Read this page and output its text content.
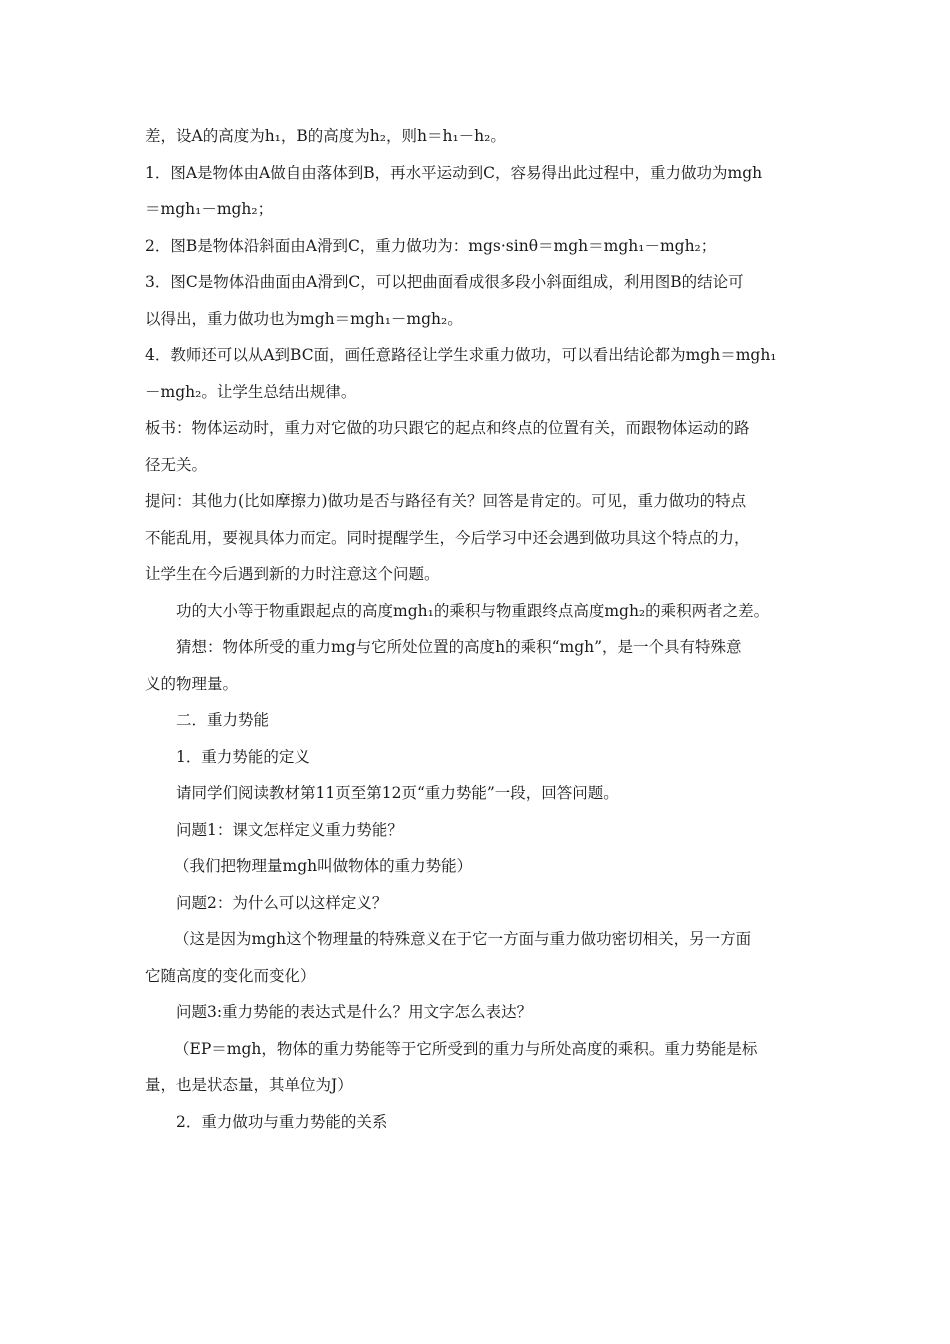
差，设A的高度为h₁，B的高度为h₂，则h＝h₁－h₂。

1．图A是物体由A做自由落体到B，再水平运动到C，容易得出此过程中，重力做功为mgh

＝mgh₁－mgh₂；

2．图B是物体沿斜面由A滑到C，重力做功为：mgs·sinθ＝mgh＝mgh₁－mgh₂；

3．图C是物体沿曲面由A滑到C，可以把曲面看成很多段小斜面组成，利用图B的结论可

以得出，重力做功也为mgh＝mgh₁－mgh₂。

4．教师还可以从A到BC面，画任意路径让学生求重力做功，可以看出结论都为mgh＝mgh₁

－mgh₂。让学生总结出规律。

板书：物体运动时，重力对它做的功只跟它的起点和终点的位置有关，而跟物体运动的路

径无关。

提问：其他力(比如摩擦力)做功是否与路径有关？回答是肯定的。可见，重力做功的特点

不能乱用，要视具体力而定。同时提醒学生，今后学习中还会遇到做功具这个特点的力，

让学生在今后遇到新的力时注意这个问题。

功的大小等于物重跟起点的高度mgh₁的乘积与物重跟终点高度mgh₂的乘积两者之差。

猜想：物体所受的重力mg与它所处位置的高度h的乘积“mgh”，是一个具有特殊意

义的物理量。

二．重力势能

1．重力势能的定义

请同学们阅读教材第11页至第12页“重力势能”一段，回答问题。

问题1：课文怎样定义重力势能？

（我们把物理量mgh叫做物体的重力势能）

问题2：为什么可以这样定义？

（这是因为mgh这个物理量的特殊意义在于它一方面与重力做功密切相关，另一方面

它随高度的变化而变化）

问题3:重力势能的表达式是什么？用文字怎么表达？

（EP＝mgh，物体的重力势能等于它所受到的重力与所处高度的乘积。重力势能是标

量，也是状态量，其单位为J）

2．重力做功与重力势能的关系
